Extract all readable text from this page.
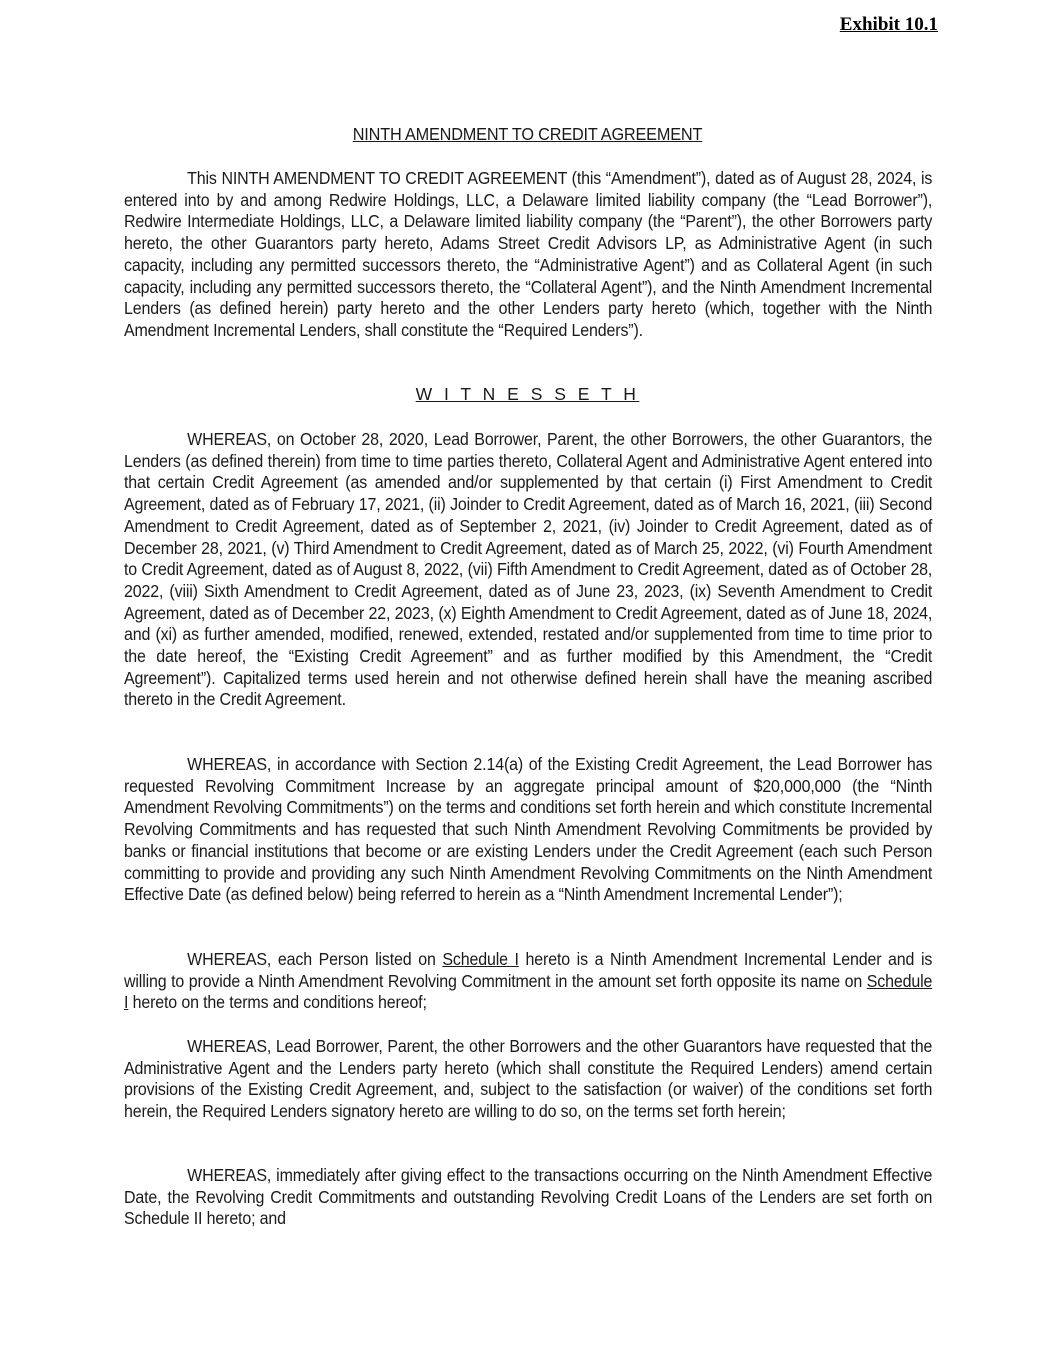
Exhibit 10.1
NINTH AMENDMENT TO CREDIT AGREEMENT

This NINTH AMENDMENT TO CREDIT AGREEMENT (this “Amendment”), dated as of August 28, 2024, is entered into by and among Redwire Holdings, LLC, a Delaware limited liability company (the “Lead Borrower”), Redwire Intermediate Holdings, LLC, a Delaware limited liability company (the “Parent”), the other Borrowers party hereto, the other Guarantors party hereto, Adams Street Credit Advisors LP, as Administrative Agent (in such capacity, including any permitted successors thereto, the “Administrative Agent”) and as Collateral Agent (in such capacity, including any permitted successors thereto, the “Collateral Agent”), and the Ninth Amendment Incremental Lenders (as defined herein) party hereto and the other Lenders party hereto (which, together with the Ninth Amendment Incremental Lenders, shall constitute the “Required Lenders”).

W I T N E S S E T H

WHEREAS, on October 28, 2020, Lead Borrower, Parent, the other Borrowers, the other Guarantors, the Lenders (as defined therein) from time to time parties thereto, Collateral Agent and Administrative Agent entered into that certain Credit Agreement (as amended and/or supplemented by that certain (i) First Amendment to Credit Agreement, dated as of February 17, 2021, (ii) Joinder to Credit Agreement, dated as of March 16, 2021, (iii) Second Amendment to Credit Agreement, dated as of September 2, 2021, (iv) Joinder to Credit Agreement, dated as of December 28, 2021, (v) Third Amendment to Credit Agreement, dated as of March 25, 2022, (vi) Fourth Amendment to Credit Agreement, dated as of August 8, 2022, (vii) Fifth Amendment to Credit Agreement, dated as of October 28, 2022, (viii) Sixth Amendment to Credit Agreement, dated as of June 23, 2023, (ix) Seventh Amendment to Credit Agreement, dated as of December 22, 2023, (x) Eighth Amendment to Credit Agreement, dated as of June 18, 2024, and (xi) as further amended, modified, renewed, extended, restated and/or supplemented from time to time prior to the date hereof, the “Existing Credit Agreement” and as further modified by this Amendment, the “Credit Agreement”). Capitalized terms used herein and not otherwise defined herein shall have the meaning ascribed thereto in the Credit Agreement.

WHEREAS, in accordance with Section 2.14(a) of the Existing Credit Agreement, the Lead Borrower has requested Revolving Commitment Increase by an aggregate principal amount of $20,000,000 (the “Ninth Amendment Revolving Commitments”) on the terms and conditions set forth herein and which constitute Incremental Revolving Commitments and has requested that such Ninth Amendment Revolving Commitments be provided by banks or financial institutions that become or are existing Lenders under the Credit Agreement (each such Person committing to provide and providing any such Ninth Amendment Revolving Commitments on the Ninth Amendment Effective Date (as defined below) being referred to herein as a “Ninth Amendment Incremental Lender”);

WHEREAS, each Person listed on Schedule I hereto is a Ninth Amendment Incremental Lender and is willing to provide a Ninth Amendment Revolving Commitment in the amount set forth opposite its name on Schedule I hereto on the terms and conditions hereof;

WHEREAS, Lead Borrower, Parent, the other Borrowers and the other Guarantors have requested that the Administrative Agent and the Lenders party hereto (which shall constitute the Required Lenders) amend certain provisions of the Existing Credit Agreement, and, subject to the satisfaction (or waiver) of the conditions set forth herein, the Required Lenders signatory hereto are willing to do so, on the terms set forth herein;

WHEREAS, immediately after giving effect to the transactions occurring on the Ninth Amendment Effective Date, the Revolving Credit Commitments and outstanding Revolving Credit Loans of the Lenders are set forth on Schedule II hereto; and
